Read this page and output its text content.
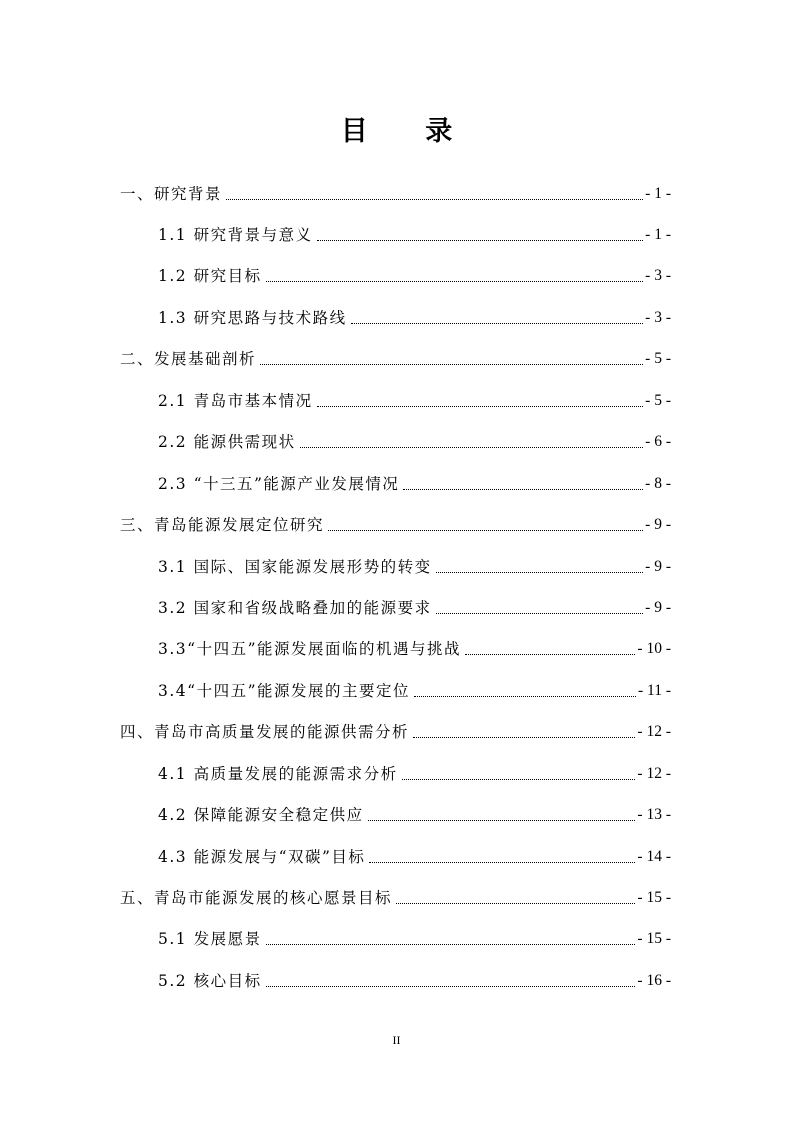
目 录
一、研究背景	- 1 -
1.1 研究背景与意义	- 1 -
1.2 研究目标	- 3 -
1.3 研究思路与技术路线	- 3 -
二、发展基础剖析	- 5 -
2.1 青岛市基本情况	- 5 -
2.2 能源供需现状	- 6 -
2.3 “十三五”能源产业发展情况	- 8 -
三、青岛能源发展定位研究	- 9 -
3.1 国际、国家能源发展形势的转变	- 9 -
3.2 国家和省级战略叠加的能源要求	- 9 -
3.3“十四五”能源发展面临的机遇与挑战	- 10 -
3.4“十四五”能源发展的主要定位	- 11 -
四、青岛市高质量发展的能源供需分析	- 12 -
4.1 高质量发展的能源需求分析	- 12 -
4.2 保障能源安全稳定供应	- 13 -
4.3 能源发展与“双碳”目标	- 14 -
五、青岛市能源发展的核心愿景目标	- 15 -
5.1 发展愿景	- 15 -
5.2 核心目标	- 16 -
II
